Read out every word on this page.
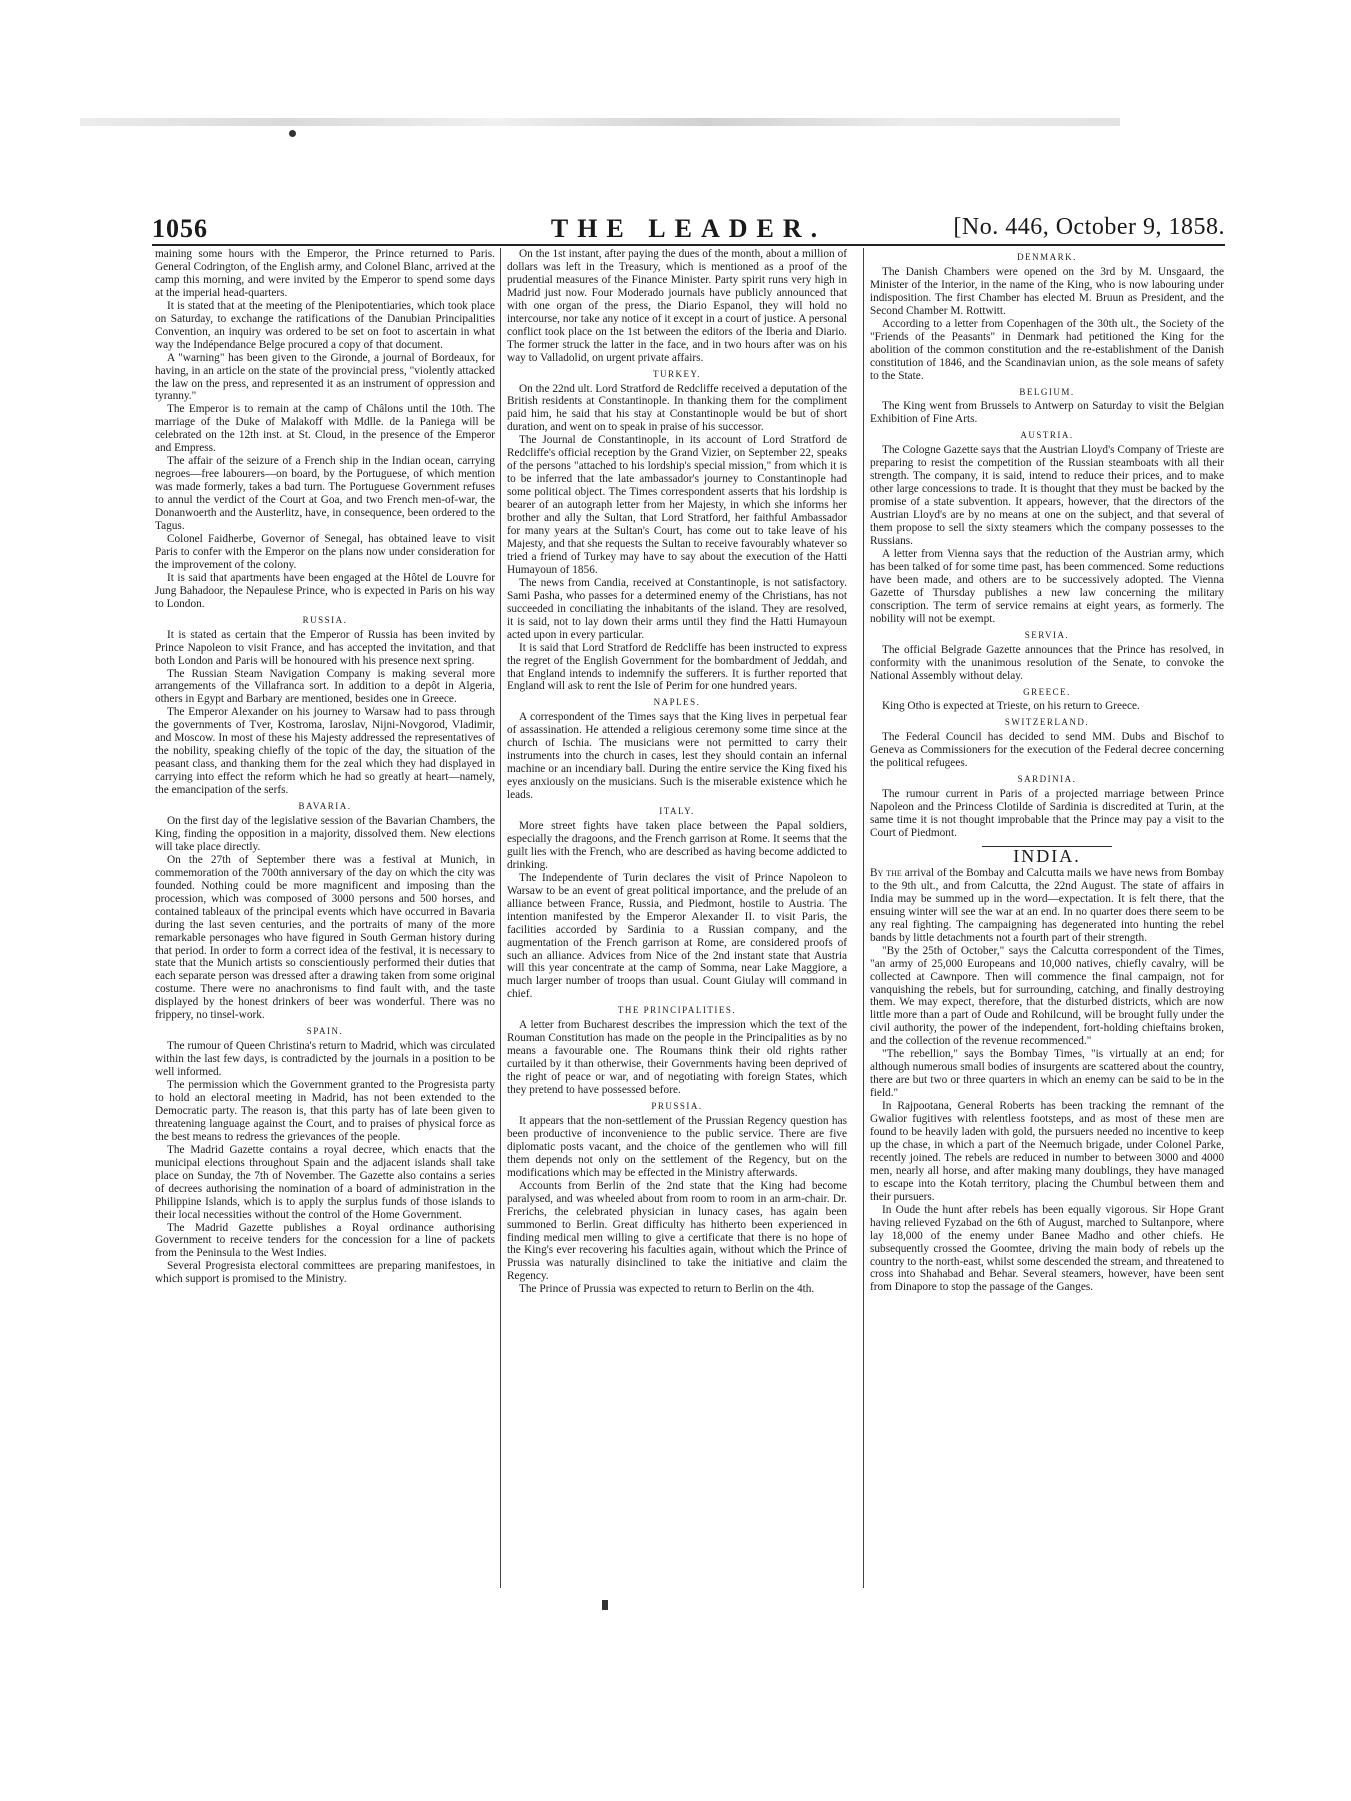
1056	THE LEADER.	[No. 446, October 9, 1858.

maining some hours with the Emperor, the Prince returned to Paris. General Codrington, of the English army, and Colonel Blanc, arrived at the camp this morning, and were invited by the Emperor to spend some days at the imperial head-quarters.

It is stated that at the meeting of the Plenipotentiaries, which took place on Saturday, to exchange the ratifications of the Danubian Principalities Convention, an inquiry was ordered to be set on foot to ascertain in what way the Indépendance Belge procured a copy of that document.

A "warning" has been given to the Gironde, a journal of Bordeaux, for having, in an article on the state of the provincial press, "violently attacked the law on the press, and represented it as an instrument of oppression and tyranny."

The Emperor is to remain at the camp of Châlons until the 10th. The marriage of the Duke of Malakoff with Mdlle. de la Paniega will be celebrated on the 12th inst. at St. Cloud, in the presence of the Emperor and Empress.

The affair of the seizure of a French ship in the Indian ocean, carrying negroes—free labourers—on board, by the Portuguese, of which mention was made formerly, takes a bad turn. The Portuguese Government refuses to annul the verdict of the Court at Goa, and two French men-of-war, the Donanwoerth and the Austerlitz, have, in consequence, been ordered to the Tagus.

Colonel Faidherbe, Governor of Senegal, has obtained leave to visit Paris to confer with the Emperor on the plans now under consideration for the improvement of the colony.

It is said that apartments have been engaged at the Hôtel de Louvre for Jung Bahadoor, the Nepaulese Prince, who is expected in Paris on his way to London.

RUSSIA.

It is stated as certain that the Emperor of Russia has been invited by Prince Napoleon to visit France, and has accepted the invitation, and that both London and Paris will be honoured with his presence next spring.

The Russian Steam Navigation Company is making several more arrangements of the Villafranca sort. In addition to a depôt in Algeria, others in Egypt and Barbary are mentioned, besides one in Greece.

The Emperor Alexander on his journey to Warsaw had to pass through the governments of Tver, Kostroma, Iaroslav, Nijni-Novgorod, Vladimir, and Moscow. In most of these his Majesty addressed the representatives of the nobility, speaking chiefly of the topic of the day, the situation of the peasant class, and thanking them for the zeal which they had displayed in carrying into effect the reform which he had so greatly at heart—namely, the emancipation of the serfs.

BAVARIA.

On the first day of the legislative session of the Bavarian Chambers, the King, finding the opposition in a majority, dissolved them. New elections will take place directly.

On the 27th of September there was a festival at Munich, in commemoration of the 700th anniversary of the day on which the city was founded. Nothing could be more magnificent and imposing than the procession, which was composed of 3000 persons and 500 horses, and contained tableaux of the principal events which have occurred in Bavaria during the last seven centuries, and the portraits of many of the more remarkable personages who have figured in South German history during that period. In order to form a correct idea of the festival, it is necessary to state that the Munich artists so conscientiously performed their duties that each separate person was dressed after a drawing taken from some original costume. There were no anachronisms to find fault with, and the taste displayed by the honest drinkers of beer was wonderful. There was no frippery, no tinsel-work.

SPAIN.

The rumour of Queen Christina's return to Madrid, which was circulated within the last few days, is contradicted by the journals in a position to be well informed.

The permission which the Government granted to the Progresista party to hold an electoral meeting in Madrid, has not been extended to the Democratic party. The reason is, that this party has of late been given to threatening language against the Court, and to praises of physical force as the best means to redress the grievances of the people.

The Madrid Gazette contains a royal decree, which enacts that the municipal elections throughout Spain and the adjacent islands shall take place on Sunday, the 7th of November. The Gazette also contains a series of decrees authorising the nomination of a board of administration in the Philippine Islands, which is to apply the surplus funds of those islands to their local necessities without the control of the Home Government.

The Madrid Gazette publishes a Royal ordinance authorising Government to receive tenders for the concession for a line of packets from the Peninsula to the West Indies.

Several Progresista electoral committees are preparing manifestoes, in which support is promised to the Ministry.

On the 1st instant, after paying the dues of the month, about a million of dollars was left in the Treasury, which is mentioned as a proof of the prudential measures of the Finance Minister. Party spirit runs very high in Madrid just now. Four Moderado journals have publicly announced that with one organ of the press, the Diario Espanol, they will hold no intercourse, nor take any notice of it except in a court of justice. A personal conflict took place on the 1st between the editors of the Iberia and Diario. The former struck the latter in the face, and in two hours after was on his way to Valladolid, on urgent private affairs.

TURKEY.

On the 22nd ult. Lord Stratford de Redcliffe received a deputation of the British residents at Constantinople. In thanking them for the compliment paid him, he said that his stay at Constantinople would be but of short duration, and went on to speak in praise of his successor.

The Journal de Constantinople, in its account of Lord Stratford de Redcliffe's official reception by the Grand Vizier, on September 22, speaks of the persons "attached to his lordship's special mission," from which it is to be inferred that the late ambassador's journey to Constantinople had some political object. The Times correspondent asserts that his lordship is bearer of an autograph letter from her Majesty, in which she informs her brother and ally the Sultan, that Lord Stratford, her faithful Ambassador for many years at the Sultan's Court, has come out to take leave of his Majesty, and that she requests the Sultan to receive favourably whatever so tried a friend of Turkey may have to say about the execution of the Hatti Humayoun of 1856.

The news from Candia, received at Constantinople, is not satisfactory. Sami Pasha, who passes for a determined enemy of the Christians, has not succeeded in conciliating the inhabitants of the island. They are resolved, it is said, not to lay down their arms until they find the Hatti Humayoun acted upon in every particular.

It is said that Lord Stratford de Redcliffe has been instructed to express the regret of the English Government for the bombardment of Jeddah, and that England intends to indemnify the sufferers. It is further reported that England will ask to rent the Isle of Perim for one hundred years.

NAPLES.

A correspondent of the Times says that the King lives in perpetual fear of assassination. He attended a religious ceremony some time since at the church of Ischia. The musicians were not permitted to carry their instruments into the church in cases, lest they should contain an infernal machine or an incendiary ball. During the entire service the King fixed his eyes anxiously on the musicians. Such is the miserable existence which he leads.

ITALY.

More street fights have taken place between the Papal soldiers, especially the dragoons, and the French garrison at Rome. It seems that the guilt lies with the French, who are described as having become addicted to drinking.

The Independente of Turin declares the visit of Prince Napoleon to Warsaw to be an event of great political importance, and the prelude of an alliance between France, Russia, and Piedmont, hostile to Austria. The intention manifested by the Emperor Alexander II. to visit Paris, the facilities accorded by Sardinia to a Russian company, and the augmentation of the French garrison at Rome, are considered proofs of such an alliance. Advices from Nice of the 2nd instant state that Austria will this year concentrate at the camp of Somma, near Lake Maggiore, a much larger number of troops than usual. Count Giulay will command in chief.

THE PRINCIPALITIES.

A letter from Bucharest describes the impression which the text of the Rouman Constitution has made on the people in the Principalities as by no means a favourable one. The Roumans think their old rights rather curtailed by it than otherwise, their Governments having been deprived of the right of peace or war, and of negotiating with foreign States, which they pretend to have possessed before.

PRUSSIA.

It appears that the non-settlement of the Prussian Regency question has been productive of inconvenience to the public service. There are five diplomatic posts vacant, and the choice of the gentlemen who will fill them depends not only on the settlement of the Regency, but on the modifications which may be effected in the Ministry afterwards.

Accounts from Berlin of the 2nd state that the King had become paralysed, and was wheeled about from room to room in an arm-chair. Dr. Frerichs, the celebrated physician in lunacy cases, has again been summoned to Berlin. Great difficulty has hitherto been experienced in finding medical men willing to give a certificate that there is no hope of the King's ever recovering his faculties again, without which the Prince of Prussia was naturally disinclined to take the initiative and claim the Regency.

The Prince of Prussia was expected to return to Berlin on the 4th.

DENMARK.

The Danish Chambers were opened on the 3rd by M. Unsgaard, the Minister of the Interior, in the name of the King, who is now labouring under indisposition. The first Chamber has elected M. Bruun as President, and the Second Chamber M. Rottwitt.

According to a letter from Copenhagen of the 30th ult., the Society of the "Friends of the Peasants" in Denmark had petitioned the King for the abolition of the common constitution and the re-establishment of the Danish constitution of 1846, and the Scandinavian union, as the sole means of safety to the State.

BELGIUM.

The King went from Brussels to Antwerp on Saturday to visit the Belgian Exhibition of Fine Arts.

AUSTRIA.

The Cologne Gazette says that the Austrian Lloyd's Company of Trieste are preparing to resist the competition of the Russian steamboats with all their strength. The company, it is said, intend to reduce their prices, and to make other large concessions to trade. It is thought that they must be backed by the promise of a state subvention. It appears, however, that the directors of the Austrian Lloyd's are by no means at one on the subject, and that several of them propose to sell the sixty steamers which the company possesses to the Russians.

A letter from Vienna says that the reduction of the Austrian army, which has been talked of for some time past, has been commenced. Some reductions have been made, and others are to be successively adopted. The Vienna Gazette of Thursday publishes a new law concerning the military conscription. The term of service remains at eight years, as formerly. The nobility will not be exempt.

SERVIA.

The official Belgrade Gazette announces that the Prince has resolved, in conformity with the unanimous resolution of the Senate, to convoke the National Assembly without delay.

GREECE.

King Otho is expected at Trieste, on his return to Greece.

SWITZERLAND.

The Federal Council has decided to send MM. Dubs and Bischof to Geneva as Commissioners for the execution of the Federal decree concerning the political refugees.

SARDINIA.

The rumour current in Paris of a projected marriage between Prince Napoleon and the Princess Clotilde of Sardinia is discredited at Turin, at the same time it is not thought improbable that the Prince may pay a visit to the Court of Piedmont.

INDIA.

By the arrival of the Bombay and Calcutta mails we have news from Bombay to the 9th ult., and from Calcutta, the 22nd August. The state of affairs in India may be summed up in the word—expectation. It is felt there, that the ensuing winter will see the war at an end. In no quarter does there seem to be any real fighting. The campaigning has degenerated into hunting the rebel bands by little detachments not a fourth part of their strength.

"By the 25th of October," says the Calcutta correspondent of the Times, "an army of 25,000 Europeans and 10,000 natives, chiefly cavalry, will be collected at Cawnpore. Then will commence the final campaign, not for vanquishing the rebels, but for surrounding, catching, and finally destroying them. We may expect, therefore, that the disturbed districts, which are now little more than a part of Oude and Rohilcund, will be brought fully under the civil authority, the power of the independent, fort-holding chieftains broken, and the collection of the revenue recommenced."

"The rebellion," says the Bombay Times, "is virtually at an end; for although numerous small bodies of insurgents are scattered about the country, there are but two or three quarters in which an enemy can be said to be in the field."

In Rajpootana, General Roberts has been tracking the remnant of the Gwalior fugitives with relentless footsteps, and as most of these men are found to be heavily laden with gold, the pursuers needed no incentive to keep up the chase, in which a part of the Neemuch brigade, under Colonel Parke, recently joined. The rebels are reduced in number to between 3000 and 4000 men, nearly all horse, and after making many doublings, they have managed to escape into the Kotah territory, placing the Chumbul between them and their pursuers.

In Oude the hunt after rebels has been equally vigorous. Sir Hope Grant having relieved Fyzabad on the 6th of August, marched to Sultanpore, where lay 18,000 of the enemy under Banee Madho and other chiefs. He subsequently crossed the Goomtee, driving the main body of rebels up the country to the north-east, whilst some descended the stream, and threatened to cross into Shahabad and Behar. Several steamers, however, have been sent from Dinapore to stop the passage of the Ganges.
